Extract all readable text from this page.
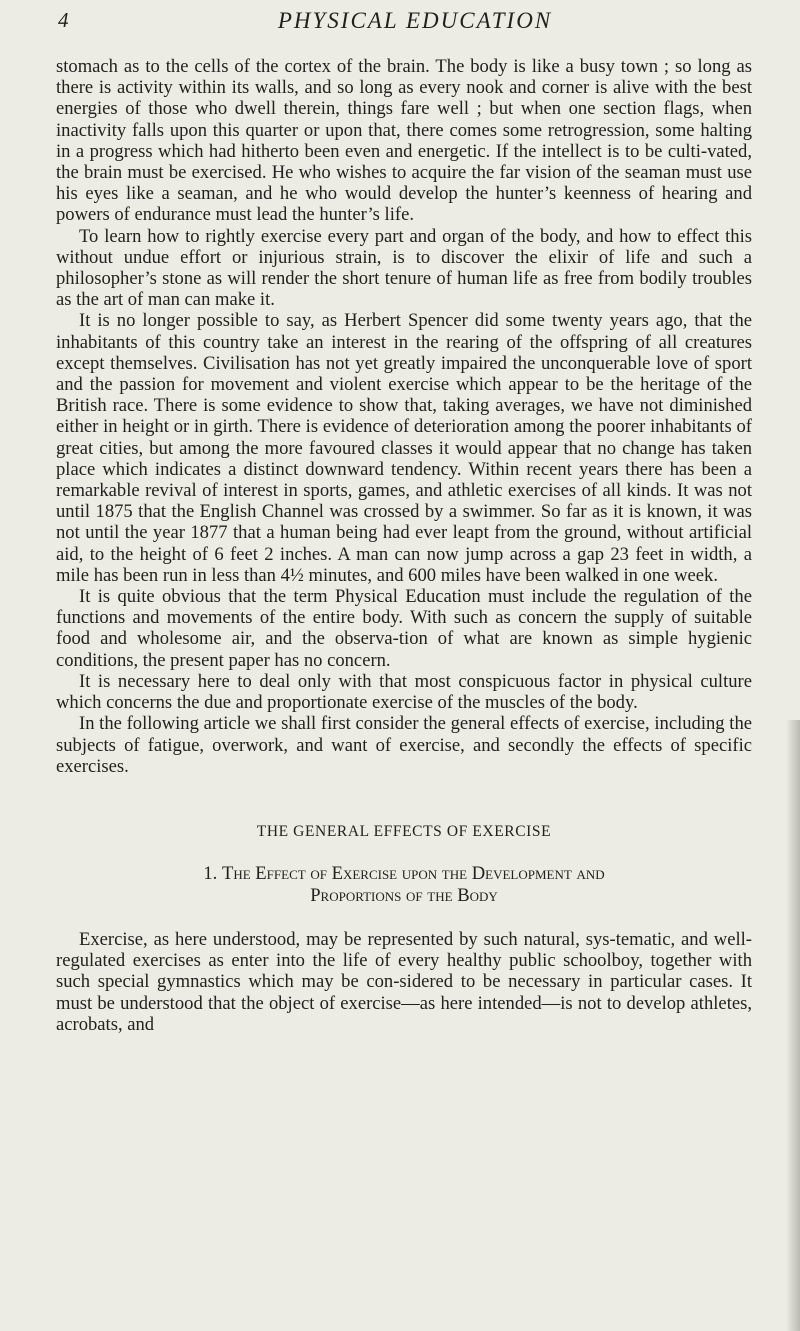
4	PHYSICAL EDUCATION

stomach as to the cells of the cortex of the brain. The body is like a busy town ; so long as there is activity within its walls, and so long as every nook and corner is alive with the best energies of those who dwell therein, things fare well ; but when one section flags, when inactivity falls upon this quarter or upon that, there comes some retrogression, some halting in a progress which had hitherto been even and energetic. If the intellect is to be culti-vated, the brain must be exercised. He who wishes to acquire the far vision of the seaman must use his eyes like a seaman, and he who would develop the hunter’s keenness of hearing and powers of endurance must lead the hunter’s life.

To learn how to rightly exercise every part and organ of the body, and how to effect this without undue effort or injurious strain, is to discover the elixir of life and such a philosopher’s stone as will render the short tenure of human life as free from bodily troubles as the art of man can make it.

It is no longer possible to say, as Herbert Spencer did some twenty years ago, that the inhabitants of this country take an interest in the rearing of the offspring of all creatures except themselves. Civilisation has not yet greatly impaired the unconquerable love of sport and the passion for movement and violent exercise which appear to be the heritage of the British race. There is some evidence to show that, taking averages, we have not diminished either in height or in girth. There is evidence of deterioration among the poorer inhabitants of great cities, but among the more favoured classes it would appear that no change has taken place which indicates a distinct downward tendency. Within recent years there has been a remarkable revival of interest in sports, games, and athletic exercises of all kinds. It was not until 1875 that the English Channel was crossed by a swimmer. So far as it is known, it was not until the year 1877 that a human being had ever leapt from the ground, without artificial aid, to the height of 6 feet 2 inches. A man can now jump across a gap 23 feet in width, a mile has been run in less than 4½ minutes, and 600 miles have been walked in one week.

It is quite obvious that the term Physical Education must include the regulation of the functions and movements of the entire body. With such as concern the supply of suitable food and wholesome air, and the observa-tion of what are known as simple hygienic conditions, the present paper has no concern.

It is necessary here to deal only with that most conspicuous factor in physical culture which concerns the due and proportionate exercise of the muscles of the body.

In the following article we shall first consider the general effects of exercise, including the subjects of fatigue, overwork, and want of exercise, and secondly the effects of specific exercises.

THE GENERAL EFFECTS OF EXERCISE
1. The Effect of Exercise upon the Development and
Proportions of the Body

Exercise, as here understood, may be represented by such natural, sys-tematic, and well-regulated exercises as enter into the life of every healthy public schoolboy, together with such special gymnastics which may be con-sidered to be necessary in particular cases. It must be understood that the object of exercise—as here intended—is not to develop athletes, acrobats, and
